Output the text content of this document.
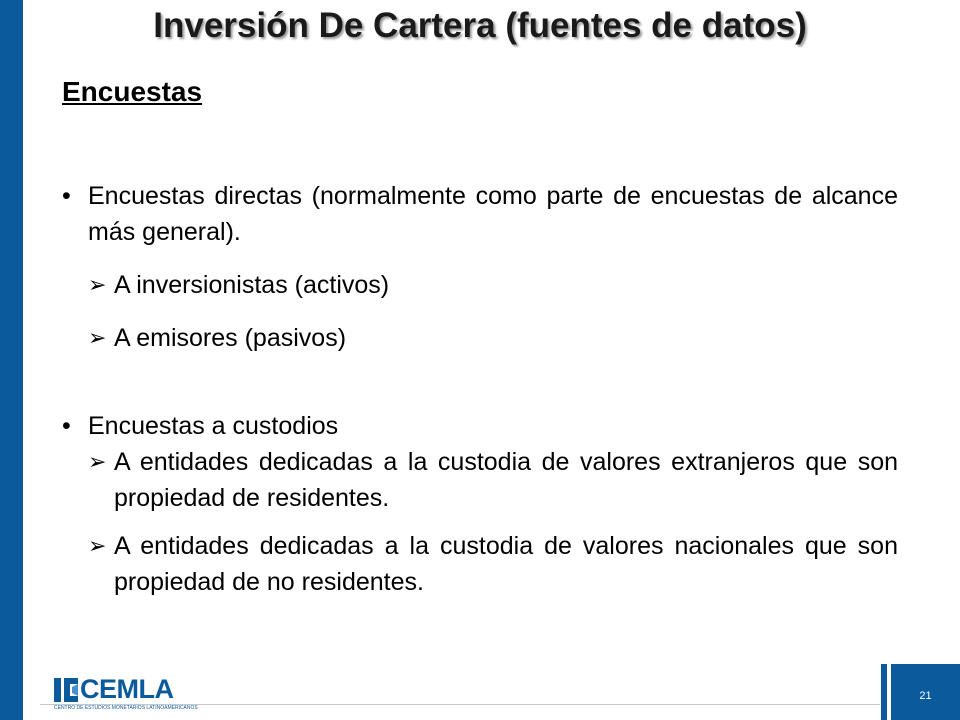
Inversión De Cartera (fuentes de datos)
Encuestas
• Encuestas directas (normalmente como parte de encuestas de alcance más general).
➢ A inversionistas (activos)
➢ A emisores (pasivos)
• Encuestas a custodios
➢ A entidades dedicadas a la custodia de valores extranjeros que son propiedad de residentes.
➢ A entidades dedicadas a la custodia de valores nacionales que son propiedad de no residentes.
CEMLA
CENTRO DE ESTUDIOS MONETARIOS LATINOAMERICANOS
21
